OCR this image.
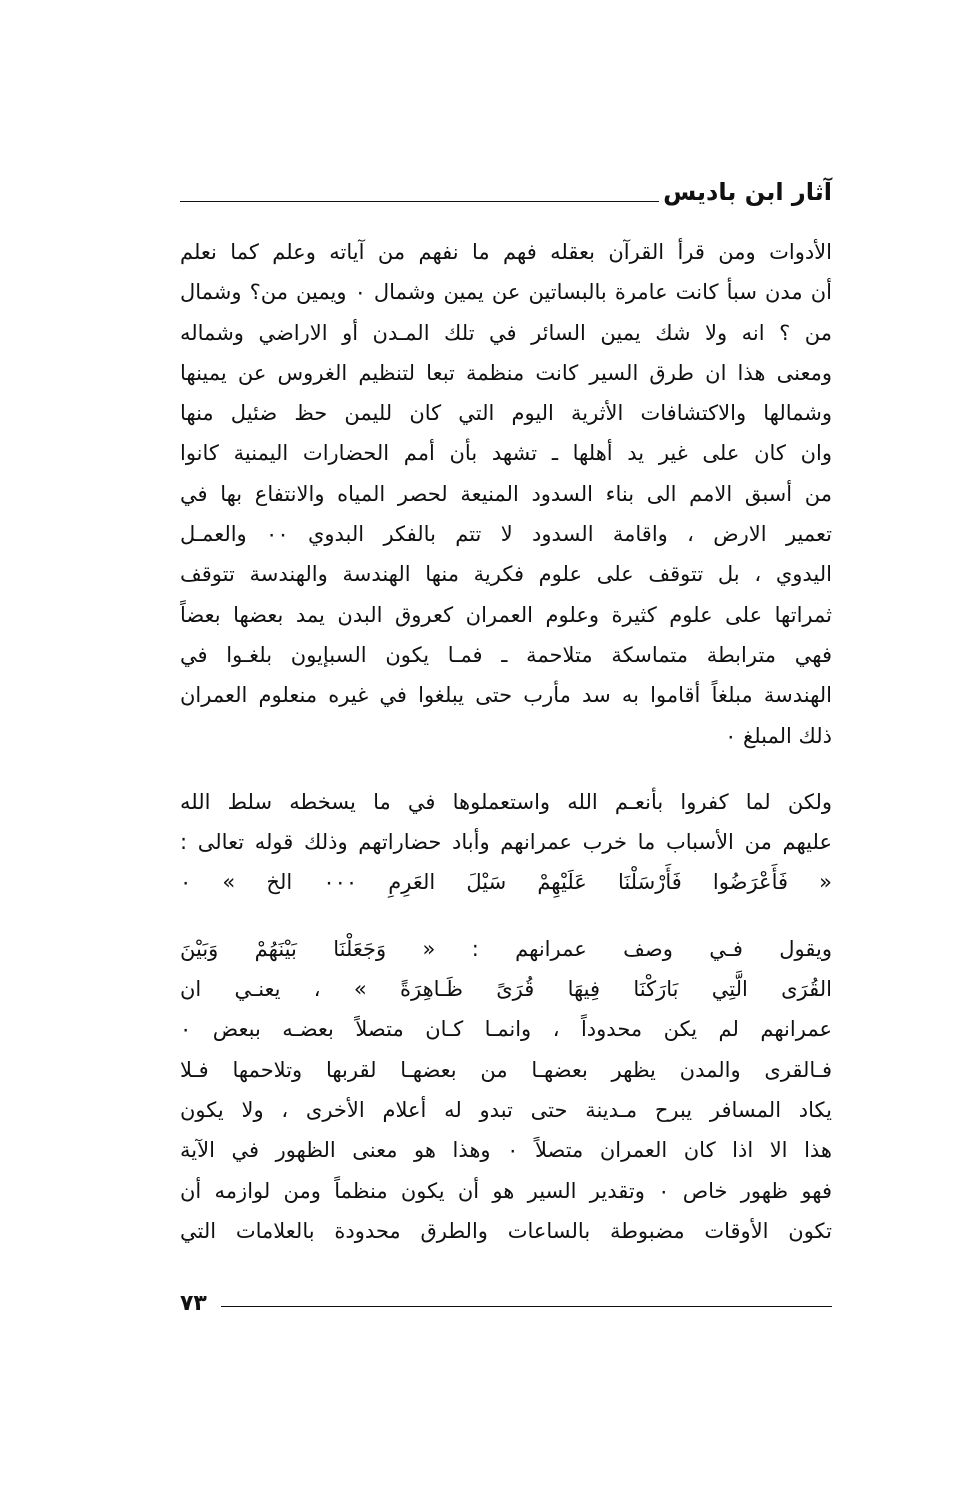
آثار ابن باديس
الأدوات ومن قرأ القرآن بعقله فهم ما نفهم من آياته وعلم كما نعلم
أن مدن سبأ كانت عامرة بالبساتين عن يمين وشمال ٠ ويمين من؟ وشمال
من ؟ انه ولا شك يمين السائر في تلك المـدن أو الاراضي وشماله
ومعنى هذا ان طرق السير كانت منظمة تبعا لتنظيم الغروس عن يمينها
وشمالها والاكتشافات الأثرية اليوم التي كان لليمن حظ ضئيل منها
وان كان على غير يد أهلها ـ تشهد بأن أمم الحضارات اليمنية كانوا
من أسبق الامم الى بناء السدود المنيعة لحصر المياه والانتفاع بها في
تعمير الارض ، واقامة السدود لا تتم بالفكر البدوي ٠٠ والعمـل
اليدوي ، بل تتوقف على علوم فكرية منها الهندسة والهندسة تتوقف
ثمراتها على علوم كثيرة وعلوم العمران كعروق البدن يمد بعضها بعضاً
فهي مترابطة متماسكة متلاحمة ـ فمـا يكون السبإيون بلغـوا في
الهندسة مبلغاً أقاموا به سد مأرب حتى يبلغوا في غيره منعلوم العمران
ذلك المبلغ ٠
ولكن لما كفروا بأنعـم الله واستعملوها في ما يسخطه سلط الله
عليهم من الأسباب ما خرب عمرانهم وأباد حضاراتهم وذلك قوله تعالى :
« فَأَعْرَضُوا فَأَرْسَلْنَا عَلَيْهِمْ سَيْلَ العَرِمِ ٠٠٠ الخ » ٠
ويقول فـي وصف عمرانهم : « وَجَعَلْنَا بَيْنَهُمْ وَبَيْنَ
القُرَى الَّتِي بَارَكْنَا فِيهَا قُرَىً ظَـاهِرَةً » ، يعنـي ان
عمرانهم لم يكن محدوداً ، وانمـا كـان متصلاً بعضـه ببعض ٠
فـالقرى والمدن يظهر بعضهـا من بعضهـا لقربها وتلاحمها فـلا
يكاد المسافر يبرح مـدينة حتى تبدو له أعلام الأخرى ، ولا يكون
هذا الا اذا كان العمران متصلاً ٠ وهذا هو معنى الظهور في الآية
فهو ظهور خاص ٠ وتقدير السير هو أن يكون منظماً ومن لوازمه أن
تكون الأوقات مضبوطة بالساعات والطرق محدودة بالعلامات التي
٧٣
